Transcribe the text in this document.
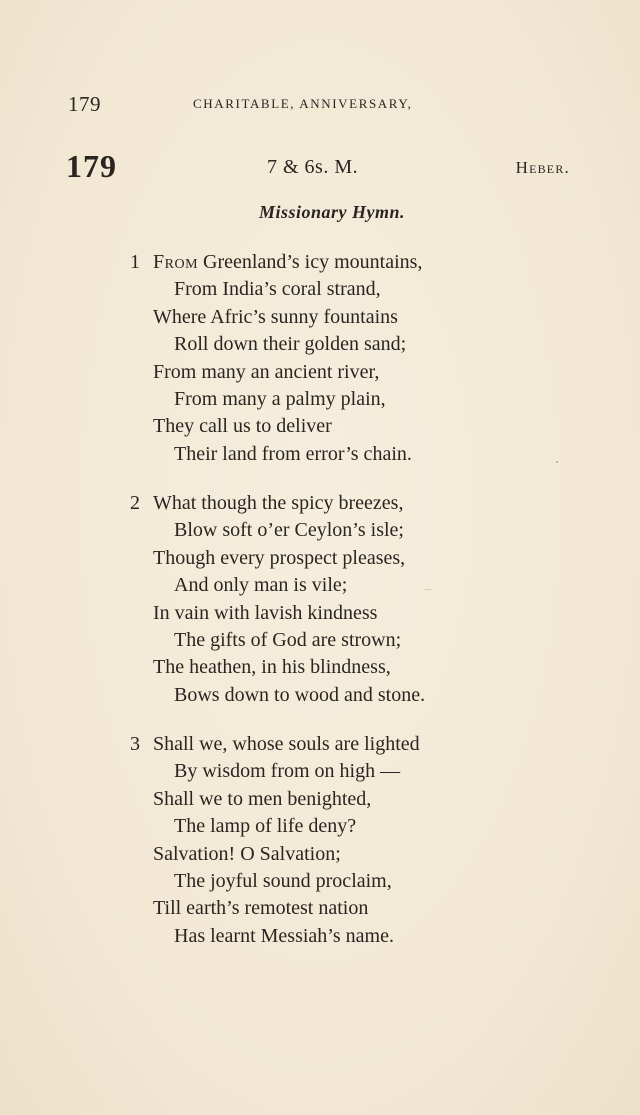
179	CHARITABLE, ANNIVERSARY,
179	7 & 6s. M.	Heber.
Missionary Hymn.
1 From Greenland’s icy mountains,
From India’s coral strand,
Where Afric’s sunny fountains
Roll down their golden sand;
From many an ancient river,
From many a palmy plain,
They call us to deliver
Their land from error’s chain.
2 What though the spicy breezes,
Blow soft o’er Ceylon’s isle;
Though every prospect pleases,
And only man is vile;
In vain with lavish kindness
The gifts of God are strown;
The heathen, in his blindness,
Bows down to wood and stone.
3 Shall we, whose souls are lighted
By wisdom from on high —
Shall we to men benighted,
The lamp of life deny?
Salvation! O Salvation;
The joyful sound proclaim,
Till earth’s remotest nation
Has learnt Messiah’s name.
